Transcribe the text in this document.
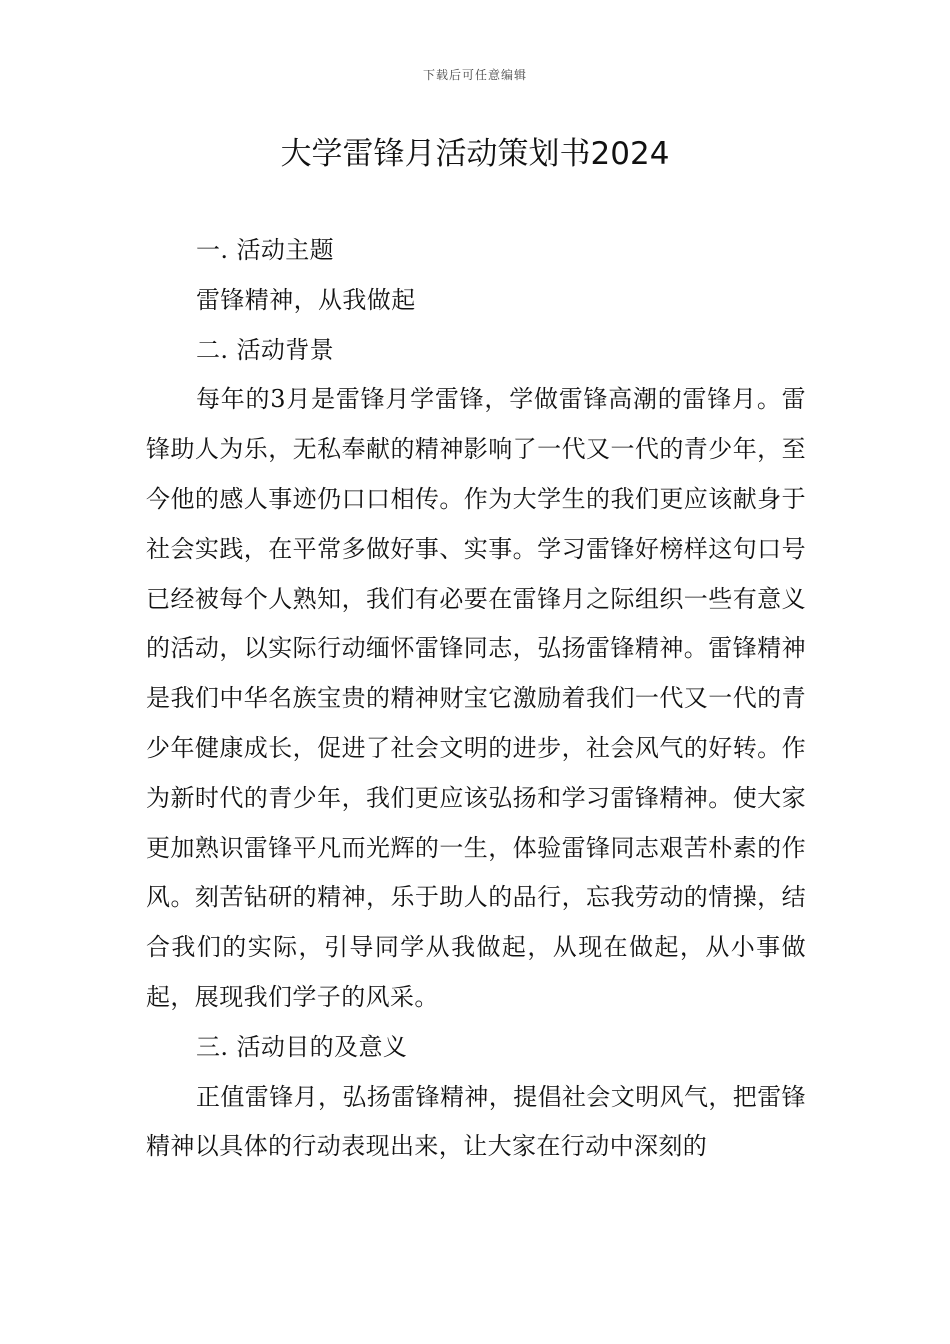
下载后可任意编辑
大学雷锋月活动策划书2024

一. 活动主题

雷锋精神，从我做起

二. 活动背景

每年的3月是雷锋月学雷锋，学做雷锋高潮的雷锋月。雷锋助人为乐，无私奉献的精神影响了一代又一代的青少年，至今他的感人事迹仍口口相传。作为大学生的我们更应该献身于社会实践，在平常多做好事、实事。学习雷锋好榜样这句口号已经被每个人熟知，我们有必要在雷锋月之际组织一些有意义的活动，以实际行动缅怀雷锋同志，弘扬雷锋精神。雷锋精神是我们中华名族宝贵的精神财宝它激励着我们一代又一代的青少年健康成长，促进了社会文明的进步，社会风气的好转。作为新时代的青少年，我们更应该弘扬和学习雷锋精神。使大家更加熟识雷锋平凡而光辉的一生，体验雷锋同志艰苦朴素的作风。刻苦钻研的精神，乐于助人的品行，忘我劳动的情操，结合我们的实际，引导同学从我做起，从现在做起，从小事做起，展现我们学子的风采。

三. 活动目的及意义

正值雷锋月，弘扬雷锋精神，提倡社会文明风气，把雷锋精神以具体的行动表现出来，让大家在行动中深刻的
